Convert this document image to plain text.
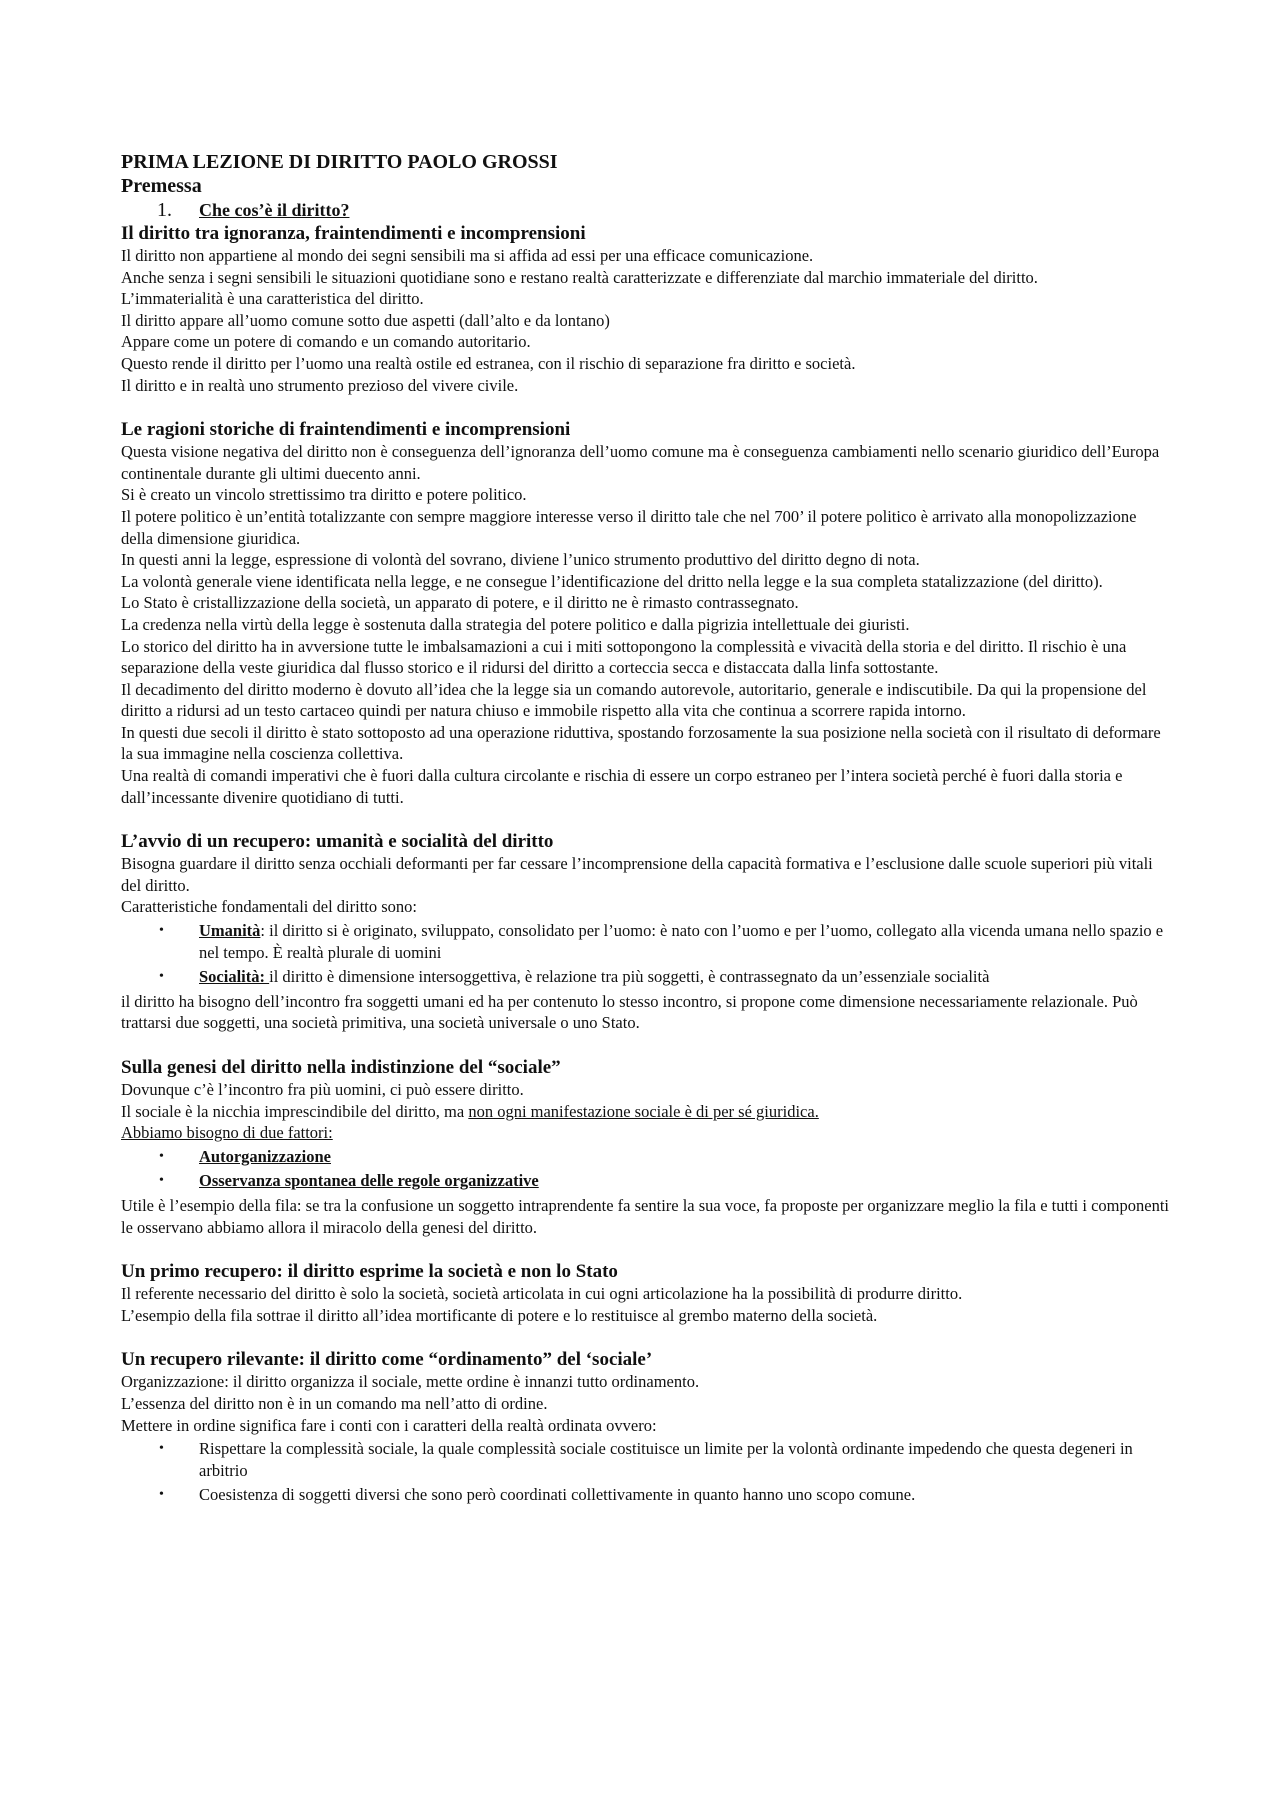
PRIMA LEZIONE DI DIRITTO PAOLO GROSSI
Premessa
1.	Che cos’è il diritto?
Il diritto tra ignoranza, fraintendimenti e incomprensioni

Il diritto non appartiene al mondo dei segni sensibili ma si affida ad essi per una efficace comunicazione.

Anche senza i segni sensibili le situazioni quotidiane sono e restano realtà caratterizzate e differenziate dal marchio immateriale del diritto.

L’immaterialità è una caratteristica del diritto.

Il diritto appare all’uomo comune sotto due aspetti (dall’alto e da lontano)

Appare come un potere di comando e un comando autoritario.

Questo rende il diritto per l’uomo una realtà ostile ed estranea, con il rischio di separazione fra diritto e società.

Il diritto e in realtà uno strumento prezioso del vivere civile.

Le ragioni storiche di fraintendimenti e incomprensioni

Questa visione negativa del diritto non è conseguenza dell’ignoranza dell’uomo comune ma è conseguenza cambiamenti nello scenario giuridico dell’Europa continentale durante gli ultimi duecento anni.

Si è creato un vincolo strettissimo tra diritto e potere politico.

Il potere politico è un’entità totalizzante con sempre maggiore interesse verso il diritto tale che nel 700’ il potere politico è arrivato alla monopolizzazione della dimensione giuridica.

In questi anni la legge, espressione di volontà del sovrano, diviene l’unico strumento produttivo del diritto degno di nota.

La volontà generale viene identificata nella legge, e ne consegue l’identificazione del dritto nella legge e la sua completa statalizzazione (del diritto).

Lo Stato è cristallizzazione della società, un apparato di potere, e il diritto ne è rimasto contrassegnato.

La credenza nella virtù della legge è sostenuta dalla strategia del potere politico e dalla pigrizia intellettuale dei giuristi.

Lo storico del diritto ha in avversione tutte le imbalsamazioni a cui i miti sottopongono la complessità e vivacità della storia e del diritto. Il rischio è una separazione della veste giuridica dal flusso storico e il ridursi del diritto a corteccia secca e distaccata dalla linfa sottostante.

Il decadimento del diritto moderno è dovuto all’idea che la legge sia un comando autorevole, autoritario, generale e indiscutibile. Da qui la propensione del diritto a ridursi ad un testo cartaceo quindi per natura chiuso e immobile rispetto alla vita che continua a scorrere rapida intorno.

In questi due secoli il diritto è stato sottoposto ad una operazione riduttiva, spostando forzosamente la sua posizione nella società con il risultato di deformare la sua immagine nella coscienza collettiva.

Una realtà di comandi imperativi che è fuori dalla cultura circolante e rischia di essere un corpo estraneo per l’intera società perché è fuori dalla storia e dall’incessante divenire quotidiano di tutti.

L’avvio di un recupero: umanità e socialità del diritto

Bisogna guardare il diritto senza occhiali deformanti per far cessare l’incomprensione della capacità formativa e l’esclusione dalle scuole superiori più vitali del diritto.

Caratteristiche fondamentali del diritto sono:

• Umanità: il diritto si è originato, sviluppato, consolidato per l’uomo: è nato con l’uomo e per l’uomo, collegato alla vicenda umana nello spazio e nel tempo. È realtà plurale di uomini
• Socialità: il diritto è dimensione intersoggettiva, è relazione tra più soggetti, è contrassegnato da un’essenziale socialità

il diritto ha bisogno dell’incontro fra soggetti umani ed ha per contenuto lo stesso incontro, si propone come dimensione necessariamente relazionale. Può trattarsi due soggetti, una società primitiva, una società universale o uno Stato.

Sulla genesi del diritto nella indistinzione del “sociale”

Dovunque c’è l’incontro fra più uomini, ci può essere diritto.

Il sociale è la nicchia imprescindibile del diritto, ma non ogni manifestazione sociale è di per sé giuridica.

Abbiamo bisogno di due fattori:

• Autorganizzazione
• Osservanza spontanea delle regole organizzative

Utile è l’esempio della fila: se tra la confusione un soggetto intraprendente fa sentire la sua voce, fa proposte per organizzare meglio la fila e tutti i componenti le osservano abbiamo allora il miracolo della genesi del diritto.

Un primo recupero: il diritto esprime la società e non lo Stato

Il referente necessario del diritto è solo la società, società articolata in cui ogni articolazione ha la possibilità di produrre diritto.

L’esempio della fila sottrae il diritto all’idea mortificante di potere e lo restituisce al grembo materno della società.

Un recupero rilevante: il diritto come “ordinamento” del ‘sociale’

Organizzazione: il diritto organizza il sociale, mette ordine è innanzi tutto ordinamento.

L’essenza del diritto non è in un comando ma nell’atto di ordine.

Mettere in ordine significa fare i conti con i caratteri della realtà ordinata ovvero:

• Rispettare la complessità sociale, la quale complessità sociale costituisce un limite per la volontà ordinante impedendo che questa degeneri in arbitrio
• Coesistenza di soggetti diversi che sono però coordinati collettivamente in quanto hanno uno scopo comune.
